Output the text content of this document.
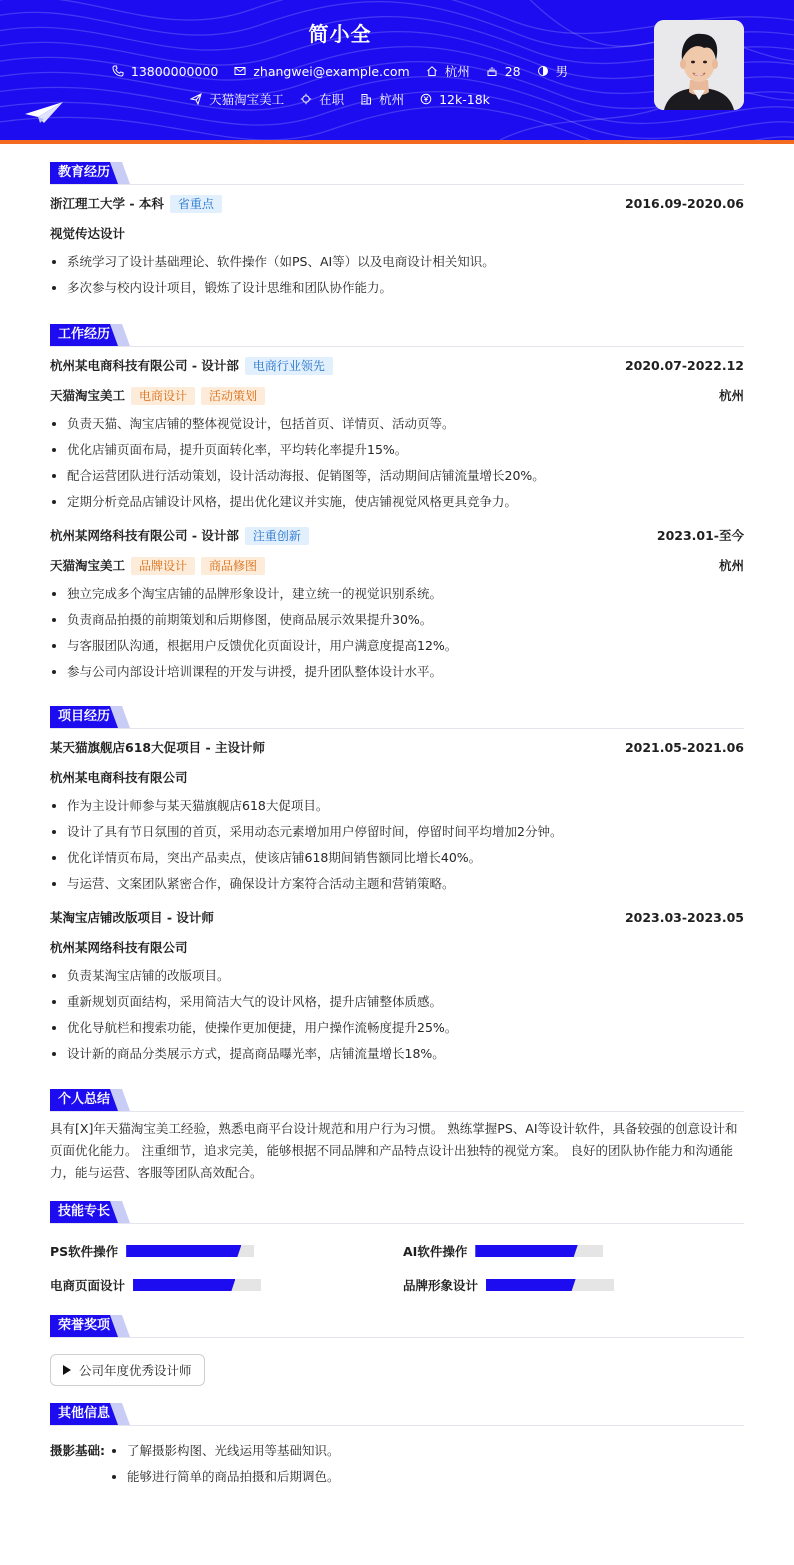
简小全
13800000000
	zhangwei@example.com
	杭州
	28
	男
天猫淘宝美工
	在职
	杭州
	12k-18k
教育经历
浙江理工大学 - 本科 省重点	2016.09-2020.06
视觉传达设计
系统学习了设计基础理论、软件操作（如PS、AI等）以及电商设计相关知识。
多次参与校内设计项目，锻炼了设计思维和团队协作能力。
工作经历
杭州某电商科技有限公司 - 设计部 电商行业领先	2020.07-2022.12
天猫淘宝美工 电商设计 活动策划	杭州
负责天猫、淘宝店铺的整体视觉设计，包括首页、详情页、活动页等。
优化店铺页面布局，提升页面转化率，平均转化率提升15%。
配合运营团队进行活动策划，设计活动海报、促销图等，活动期间店铺流量增长20%。
定期分析竞品店铺设计风格，提出优化建议并实施，使店铺视觉风格更具竞争力。
杭州某网络科技有限公司 - 设计部 注重创新	2023.01-至今
天猫淘宝美工 品牌设计 商品修图	杭州
独立完成多个淘宝店铺的品牌形象设计，建立统一的视觉识别系统。
负责商品拍摄的前期策划和后期修图，使商品展示效果提升30%。
与客服团队沟通，根据用户反馈优化页面设计，用户满意度提高12%。
参与公司内部设计培训课程的开发与讲授，提升团队整体设计水平。
项目经历
某天猫旗舰店618大促项目 - 主设计师	2021.05-2021.06
杭州某电商科技有限公司
作为主设计师参与某天猫旗舰店618大促项目。
设计了具有节日氛围的首页，采用动态元素增加用户停留时间，停留时间平均增加2分钟。
优化详情页布局，突出产品卖点，使该店铺618期间销售额同比增长40%。
与运营、文案团队紧密合作，确保设计方案符合活动主题和营销策略。
某淘宝店铺改版项目 - 设计师	2023.03-2023.05
杭州某网络科技有限公司
负责某淘宝店铺的改版项目。
重新规划页面结构，采用简洁大气的设计风格，提升店铺整体质感。
优化导航栏和搜索功能，使操作更加便捷，用户操作流畅度提升25%。
设计新的商品分类展示方式，提高商品曝光率，店铺流量增长18%。
个人总结
具有[X]年天猫淘宝美工经验，熟悉电商平台设计规范和用户行为习惯。 熟练掌握PS、AI等设计软件，具备较强的创意设计和页面优化能力。 注重细节，追求完美，能够根据不同品牌和产品特点设计出独特的视觉方案。 良好的团队协作能力和沟通能力，能与运营、客服等团队高效配合。
技能专长
PS软件操作	AI软件操作
电商页面设计	品牌形象设计
荣誉奖项
公司年度优秀设计师
其他信息
摄影基础:	了解摄影构图、光线运用等基础知识。
能够进行简单的商品拍摄和后期调色。
